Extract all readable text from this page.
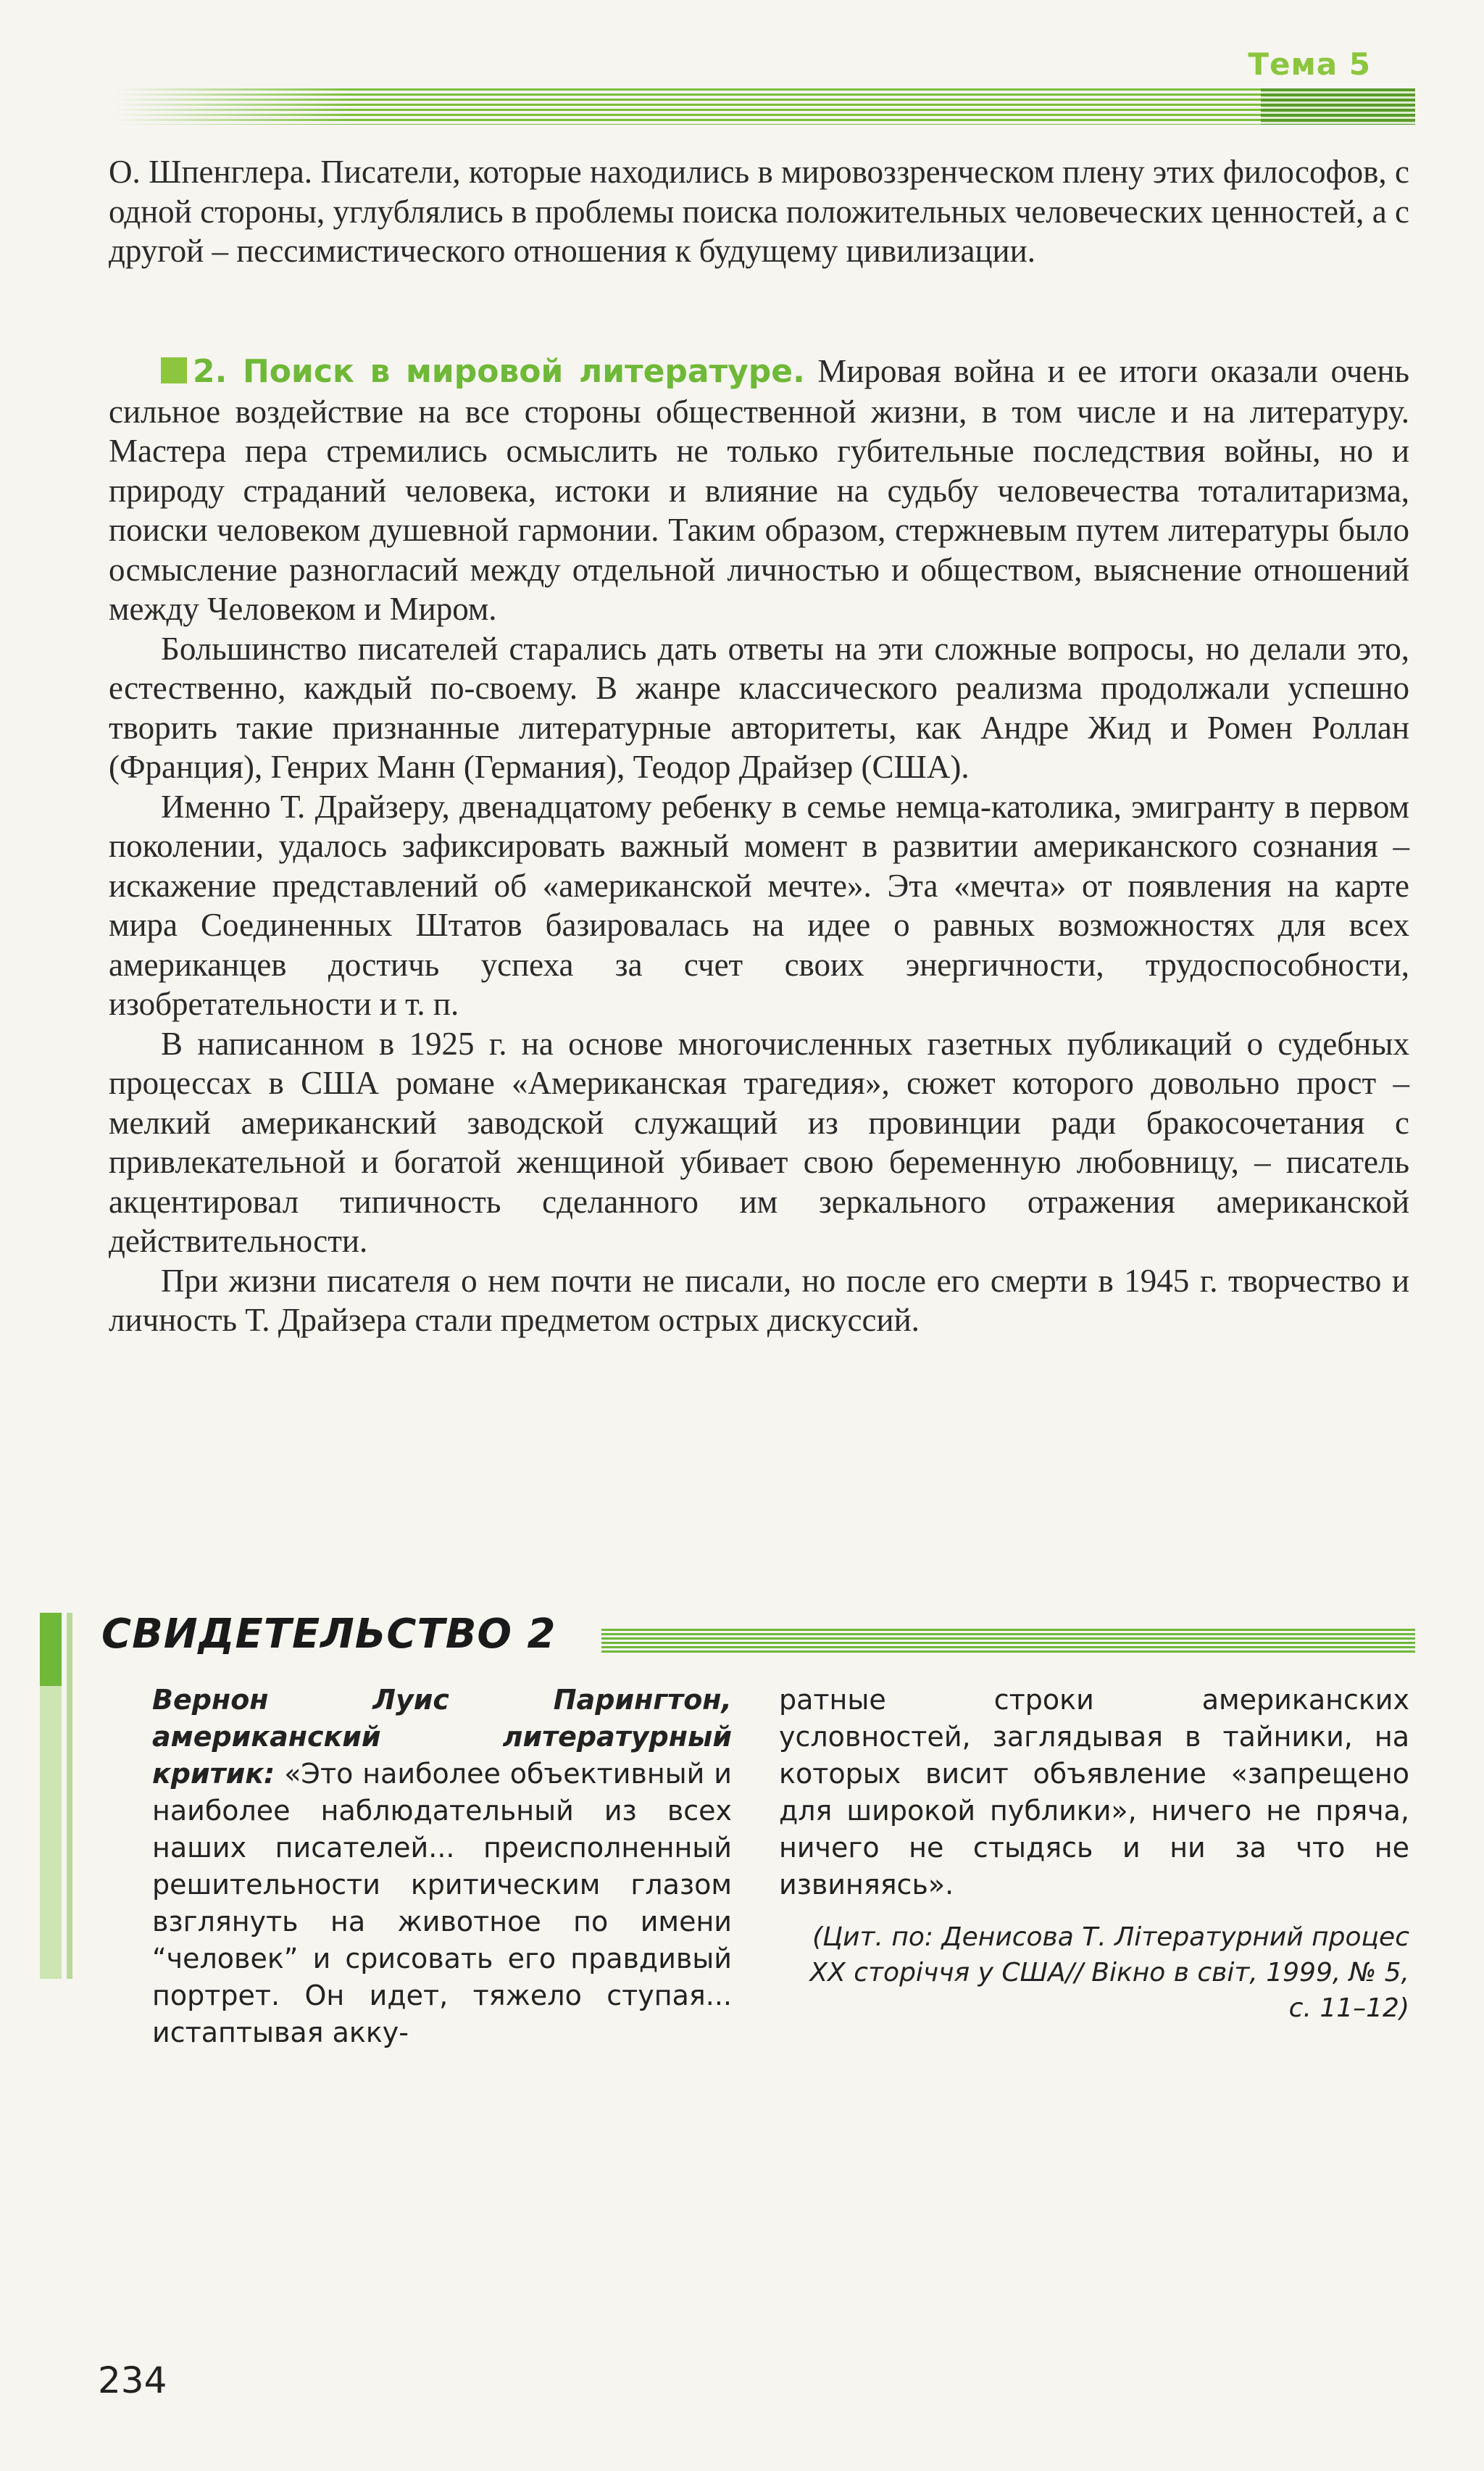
Тема 5

О. Шпенглера. Писатели, которые находились в мировоззренческом плену этих философов, с одной стороны, углублялись в проблемы поиска положительных человеческих ценностей, а с другой – пессимистического отношения к будущему цивилизации.

2. Поиск в мировой литературе. Мировая война и ее итоги оказали очень сильное воздействие на все стороны общественной жизни, в том числе и на литературу. Мастера пера стремились осмыслить не только губительные последствия войны, но и природу страданий человека, истоки и влияние на судьбу человечества тоталитаризма, поиски человеком душевной гармонии. Таким образом, стержневым путем литературы было осмысление разногласий между отдельной личностью и обществом, выяснение отношений между Человеком и Миром.

Большинство писателей старались дать ответы на эти сложные вопросы, но делали это, естественно, каждый по-своему. В жанре классического реализма продолжали успешно творить такие признанные литературные авторитеты, как Андре Жид и Ромен Роллан (Франция), Генрих Манн (Германия), Теодор Драйзер (США).

Именно Т. Драйзеру, двенадцатому ребенку в семье немца-католика, эмигранту в первом поколении, удалось зафиксировать важный момент в развитии американского сознания – искажение представлений об «американской мечте». Эта «мечта» от появления на карте мира Соединенных Штатов базировалась на идее о равных возможностях для всех американцев достичь успеха за счет своих энергичности, трудоспособности, изобретательности и т. п.

В написанном в 1925 г. на основе многочисленных газетных публикаций о судебных процессах в США романе «Американская трагедия», сюжет которого довольно прост – мелкий американский заводской служащий из провинции ради бракосочетания с привлекательной и богатой женщиной убивает свою беременную любовницу, – писатель акцентировал типичность сделанного им зеркального отражения американской действительности.

При жизни писателя о нем почти не писали, но после его смерти в 1945 г. творчество и личность Т. Драйзера стали предметом острых дискуссий.

СВИДЕТЕЛЬСТВО 2

Вернон Луис Парингтон, американский литературный критик: «Это наиболее объективный и наиболее наблюдательный из всех наших писателей... преисполненный решительности критическим глазом взглянуть на животное по имени “человек” и срисовать его правдивый портрет. Он идет, тяжело ступая... истаптывая акку-

ратные строки американских условностей, заглядывая в тайники, на которых висит объявление «запрещено для широкой публики», ничего не пряча, ничего не стыдясь и ни за что не извиняясь».

(Цит. по: Денисова Т. Літературний процес XX сторіччя у США// Вікно в світ, 1999, № 5, с. 11–12)

234
